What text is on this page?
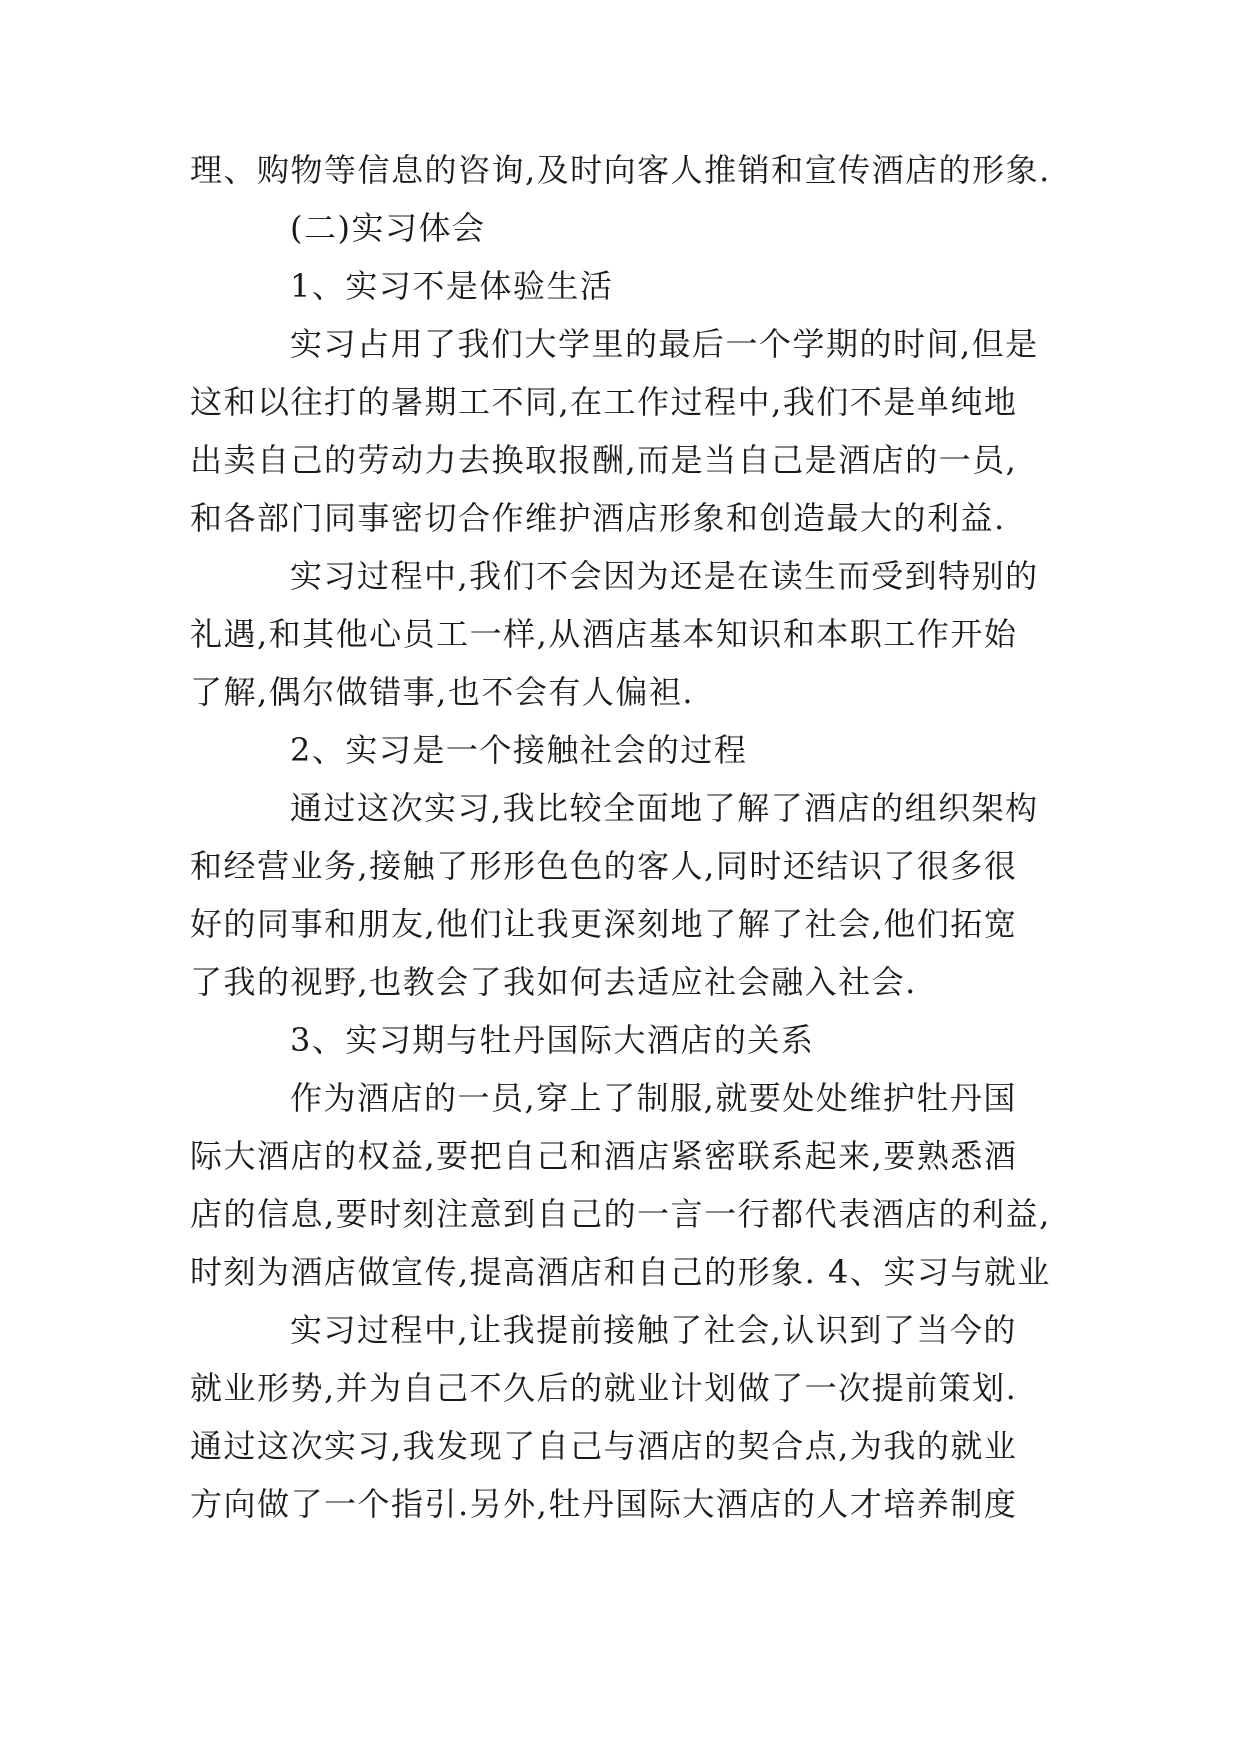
理、购物等信息的咨询,及时向客人推销和宣传酒店的形象.
(二)实习体会
1、实习不是体验生活
实习占用了我们大学里的最后一个学期的时间,但是
这和以往打的暑期工不同,在工作过程中,我们不是单纯地
出卖自己的劳动力去换取报酬,而是当自己是酒店的一员,
和各部门同事密切合作维护酒店形象和创造最大的利益.
实习过程中,我们不会因为还是在读生而受到特别的
礼遇,和其他心员工一样,从酒店基本知识和本职工作开始
了解,偶尔做错事,也不会有人偏袒.
2、实习是一个接触社会的过程
通过这次实习,我比较全面地了解了酒店的组织架构
和经营业务,接触了形形色色的客人,同时还结识了很多很
好的同事和朋友,他们让我更深刻地了解了社会,他们拓宽
了我的视野,也教会了我如何去适应社会融入社会.
3、实习期与牡丹国际大酒店的关系
作为酒店的一员,穿上了制服,就要处处维护牡丹国
际大酒店的权益,要把自己和酒店紧密联系起来,要熟悉酒
店的信息,要时刻注意到自己的一言一行都代表酒店的利益,
时刻为酒店做宣传,提高酒店和自己的形象. 4、实习与就业
实习过程中,让我提前接触了社会,认识到了当今的
就业形势,并为自己不久后的就业计划做了一次提前策划.
通过这次实习,我发现了自己与酒店的契合点,为我的就业
方向做了一个指引.另外,牡丹国际大酒店的人才培养制度
